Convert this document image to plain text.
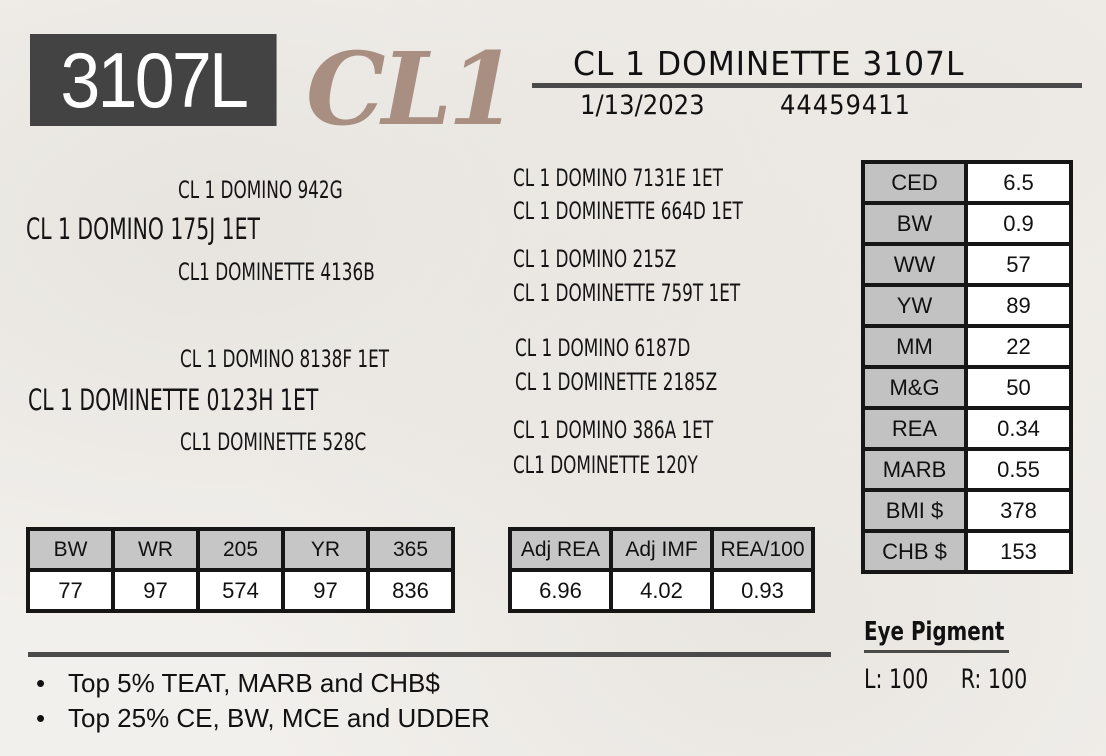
3107L CL1 CL 1 DOMINETTE 3107L
1/13/2023	44459411
CL 1 DOMINO 942G
CL 1 DOMINO 175J 1ET
CL1 DOMINETTE 4136B
CL 1 DOMINO 8138F 1ET
CL 1 DOMINETTE 0123H 1ET
CL1 DOMINETTE 528C
CL 1 DOMINO 7131E 1ET
CL 1 DOMINETTE 664D 1ET
CL 1 DOMINO 215Z
CL 1 DOMINETTE 759T 1ET
CL 1 DOMINO 6187D
CL 1 DOMINETTE 2185Z
CL 1 DOMINO 386A 1ET
CL1 DOMINETTE 120Y
CED	6.5
BW	0.9
WW	57
YW	89
MM	22
M&G	50
REA	0.34
MARB	0.55
BMI $	378
CHB $	153
BW	WR	205	YR	365
77	97	574	97	836
Adj REA	Adj IMF	REA/100
6.96	4.02	0.93
• Top 5% TEAT, MARB and CHB$
• Top 25% CE, BW, MCE and UDDER
Eye Pigment
L: 100 R: 100
